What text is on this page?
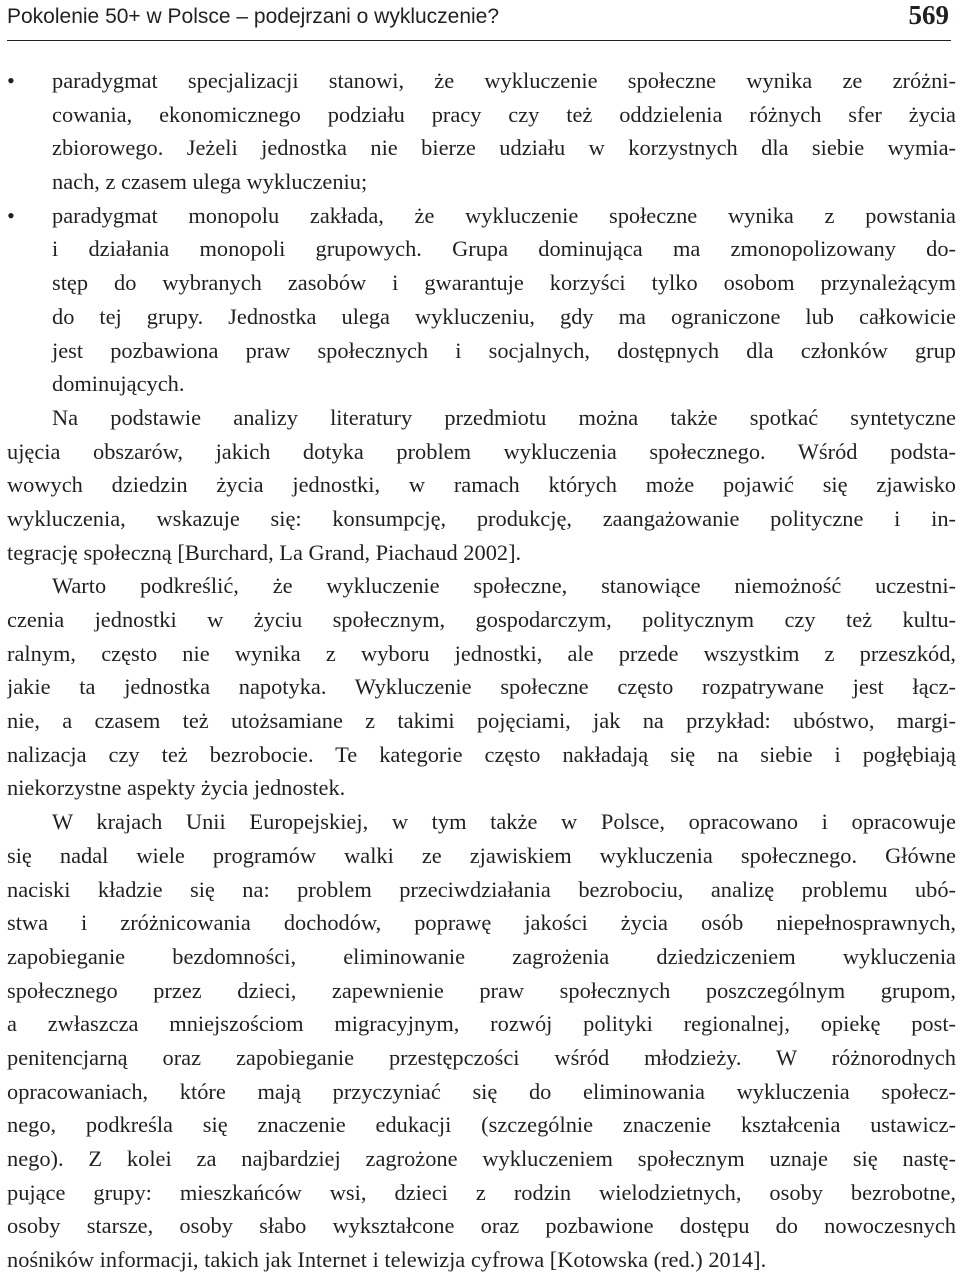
Pokolenie 50+ w Polsce – podejrzani o wykluczenie?	569
•	paradygmat specjalizacji stanowi, że wykluczenie społeczne wynika ze zróżni-
cowania, ekonomicznego podziału pracy czy też oddzielenia różnych sfer życia
zbiorowego. Jeżeli jednostka nie bierze udziału w korzystnych dla siebie wymia-
nach, z czasem ulega wykluczeniu;
•	paradygmat monopolu zakłada, że wykluczenie społeczne wynika z powstania
i działania monopoli grupowych. Grupa dominująca ma zmonopolizowany do-
stęp do wybranych zasobów i gwarantuje korzyści tylko osobom przynależącym
do tej grupy. Jednostka ulega wykluczeniu, gdy ma ograniczone lub całkowicie
jest pozbawiona praw społecznych i socjalnych, dostępnych dla członków grup
dominujących.
Na podstawie analizy literatury przedmiotu można także spotkać syntetyczne
ujęcia obszarów, jakich dotyka problem wykluczenia społecznego. Wśród podsta-
wowych dziedzin życia jednostki, w ramach których może pojawić się zjawisko
wykluczenia, wskazuje się: konsumpcję, produkcję, zaangażowanie polityczne i in-
tegrację społeczną [Burchard, La Grand, Piachaud 2002].
Warto podkreślić, że wykluczenie społeczne, stanowiące niemożność uczestni-
czenia jednostki w życiu społecznym, gospodarczym, politycznym czy też kultu-
ralnym, często nie wynika z wyboru jednostki, ale przede wszystkim z przeszkód,
jakie ta jednostka napotyka. Wykluczenie społeczne często rozpatrywane jest łącz-
nie, a czasem też utożsamiane z takimi pojęciami, jak na przykład: ubóstwo, margi-
nalizacja czy też bezrobocie. Te kategorie często nakładają się na siebie i pogłębiają
niekorzystne aspekty życia jednostek.
W krajach Unii Europejskiej, w tym także w Polsce, opracowano i opracowuje
się nadal wiele programów walki ze zjawiskiem wykluczenia społecznego. Główne
naciski kładzie się na: problem przeciwdziałania bezrobociu, analizę problemu ubó-
stwa i zróżnicowania dochodów, poprawę jakości życia osób niepełnosprawnych,
zapobieganie bezdomności, eliminowanie zagrożenia dziedziczeniem wykluczenia
społecznego przez dzieci, zapewnienie praw społecznych poszczególnym grupom,
a zwłaszcza mniejszościom migracyjnym, rozwój polityki regionalnej, opiekę post-
penitencjarną oraz zapobieganie przestępczości wśród młodzieży. W różnorodnych
opracowaniach, które mają przyczyniać się do eliminowania wykluczenia społecz-
nego, podkreśla się znaczenie edukacji (szczególnie znaczenie kształcenia ustawicz-
nego). Z kolei za najbardziej zagrożone wykluczeniem społecznym uznaje się nastę-
pujące grupy: mieszkańców wsi, dzieci z rodzin wielodzietnych, osoby bezrobotne,
osoby starsze, osoby słabo wykształcone oraz pozbawione dostępu do nowoczesnych
nośników informacji, takich jak Internet i telewizja cyfrowa [Kotowska (red.) 2014].
